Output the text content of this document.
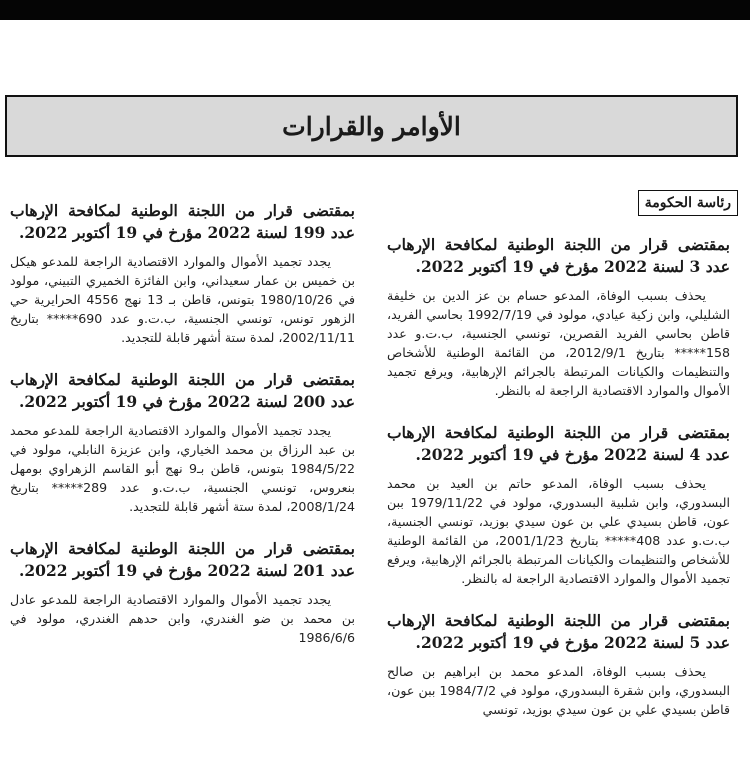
الأوامر والقرارات
رئاسة الحكومة
بمقتضى قرار من اللجنة الوطنية لمكافحة الإرهاب عدد 3 لسنة 2022 مؤرخ في 19 أكتوبر 2022.
يحذف بسبب الوفاة، المدعو حسام بن عز الدين بن خليفة الشليلي، وابن زكية عيادي، مولود في 1992/7/19 بحاسي الفريد، قاطن بحاسي الفريد القصرين، تونسي الجنسية، ب.ت.و عدد 158***** بتاريخ 2012/9/1، من القائمة الوطنية للأشخاص والتنظيمات والكيانات المرتبطة بالجرائم الإرهابية، ويرفع تجميد الأموال والموارد الاقتصادية الراجعة له بالنظر.
بمقتضى قرار من اللجنة الوطنية لمكافحة الإرهاب عدد 4 لسنة 2022 مؤرخ في 19 أكتوبر 2022.
يحذف بسبب الوفاة، المدعو حاتم بن العيد بن محمد البسدوري، وابن شلبية البسدوري، مولود في 1979/11/22 ببن عون، قاطن بسيدي علي بن عون سيدي بوزيد، تونسي الجنسية، ب.ت.و عدد 408***** بتاريخ 2001/1/23، من القائمة الوطنية للأشخاص والتنظيمات والكيانات المرتبطة بالجرائم الإرهابية، ويرفع تجميد الأموال والموارد الاقتصادية الراجعة له بالنظر.
بمقتضى قرار من اللجنة الوطنية لمكافحة الإرهاب عدد 5 لسنة 2022 مؤرخ في 19 أكتوبر 2022.
يحذف بسبب الوفاة، المدعو محمد بن ابراهيم بن صالح البسدوري، وابن شقرة البسدوري، مولود في 1984/7/2 ببن عون، قاطن بسيدي علي بن عون سيدي بوزيد، تونسي
بمقتضى قرار من اللجنة الوطنية لمكافحة الإرهاب عدد 199 لسنة 2022 مؤرخ في 19 أكتوبر 2022.
يجدد تجميد الأموال والموارد الاقتصادية الراجعة للمدعو هيكل بن خميس بن عمار سعيداني، وابن الفائزة الخميري التبيني، مولود في 1980/10/26 بتونس، قاطن بـ 13 نهج 4556 الحرايرية حي الزهور تونس، تونسي الجنسية، ب.ت.و عدد 690***** بتاريخ 2002/11/11، لمدة ستة أشهر قابلة للتجديد.
بمقتضى قرار من اللجنة الوطنية لمكافحة الإرهاب عدد 200 لسنة 2022 مؤرخ في 19 أكتوبر 2022.
يجدد تجميد الأموال والموارد الاقتصادية الراجعة للمدعو محمد بن عبد الرزاق بن محمد الخياري، وابن عزيزة النابلي، مولود في 1984/5/22 بتونس، قاطن بـ9 نهج أبو القاسم الزهراوي بومهل بنعروس، تونسي الجنسية، ب.ت.و عدد 289***** بتاريخ 2008/1/24، لمدة ستة أشهر قابلة للتجديد.
بمقتضى قرار من اللجنة الوطنية لمكافحة الإرهاب عدد 201 لسنة 2022 مؤرخ في 19 أكتوبر 2022.
يجدد تجميد الأموال والموارد الاقتصادية الراجعة للمدعو عادل بن محمد بن ضو الغندري، وابن حدهم الغندري، مولود في 1986/6/6
